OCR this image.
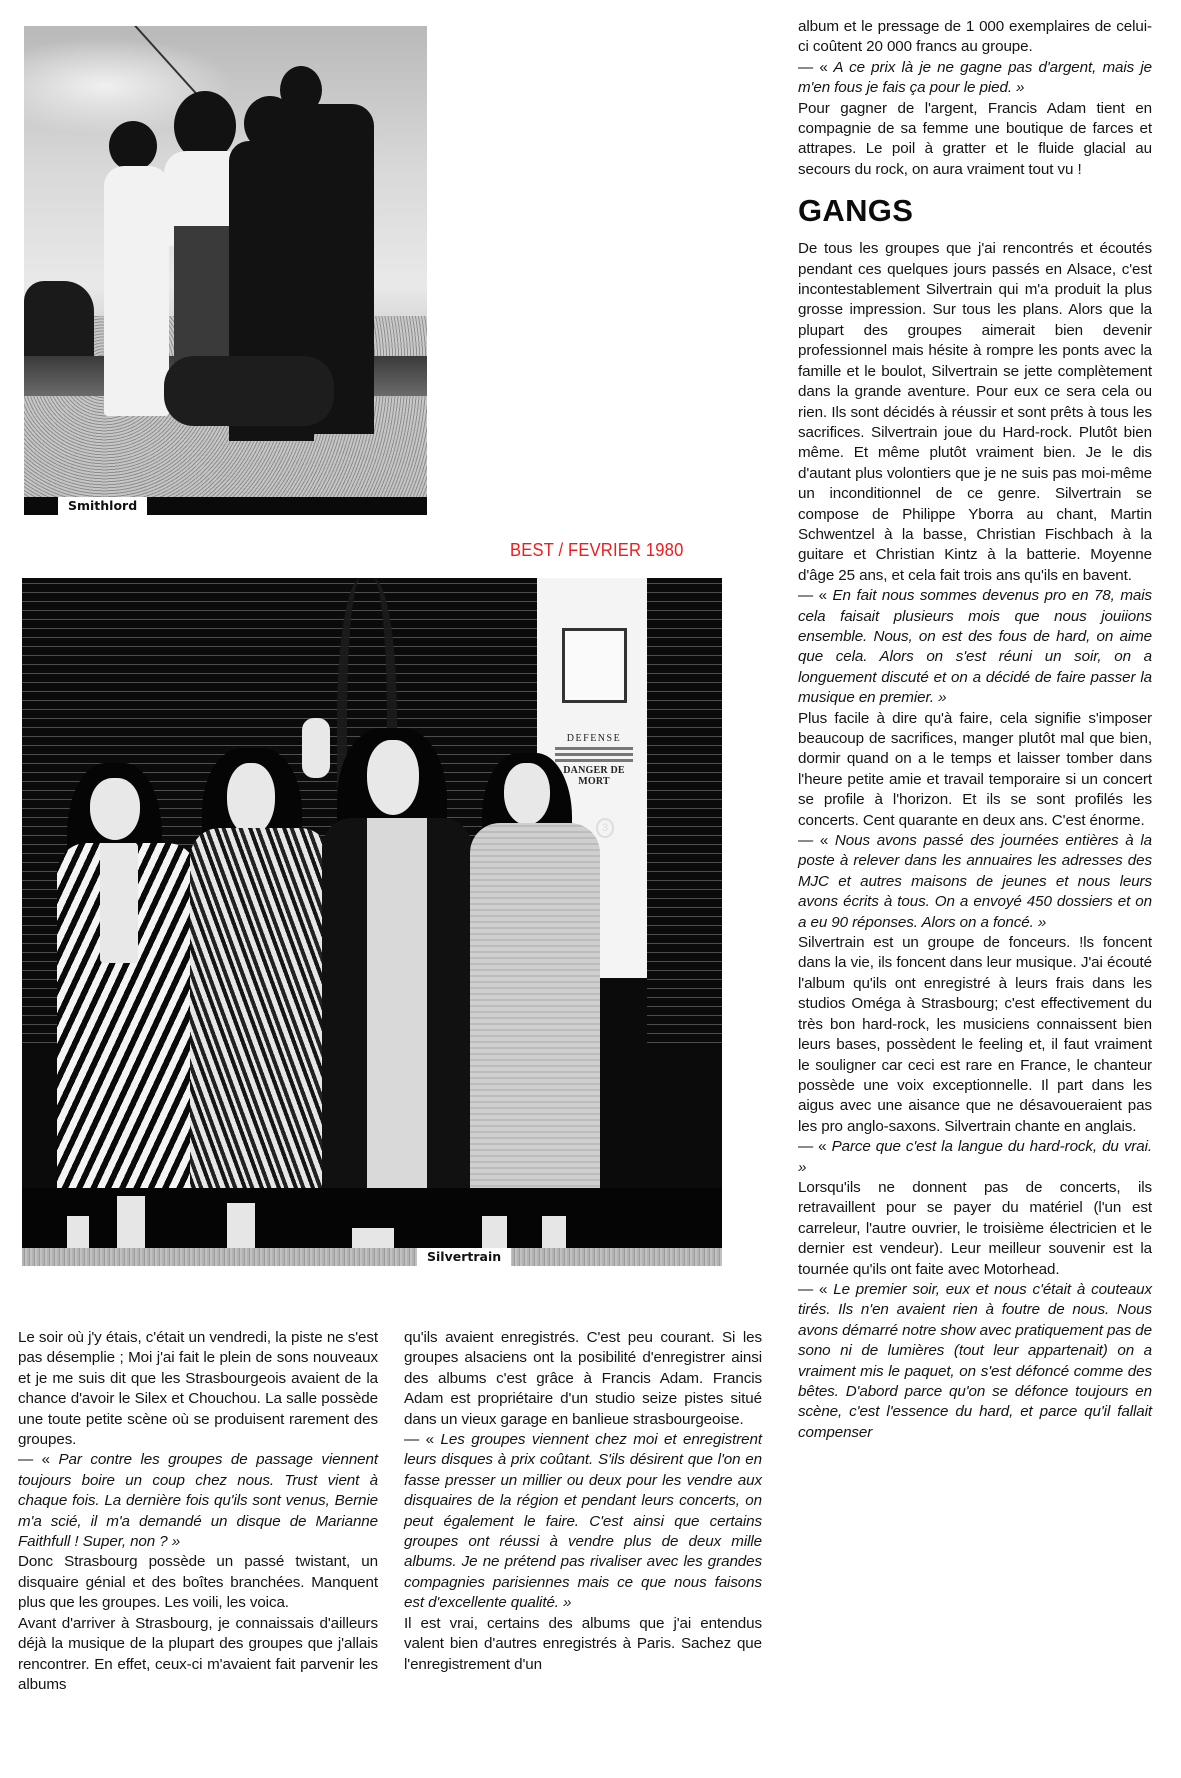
Smithlord
BEST / FEVRIER 1980
DEFENSE
DANGER DE MORT
3
Silvertrain

album et le pressage de 1 000 exemplaires de celui-ci coûtent 20 000 francs au groupe.

— « A ce prix là je ne gagne pas d'argent, mais je m'en fous je fais ça pour le pied. »

Pour gagner de l'argent, Francis Adam tient en compagnie de sa femme une boutique de farces et attrapes. Le poil à gratter et le fluide glacial au secours du rock, on aura vraiment tout vu !

GANGS

De tous les groupes que j'ai rencontrés et écoutés pendant ces quelques jours passés en Alsace, c'est incontestablement Silvertrain qui m'a produit la plus grosse impression. Sur tous les plans. Alors que la plupart des groupes aimerait bien devenir professionnel mais hésite à rompre les ponts avec la famille et le boulot, Silvertrain se jette complètement dans la grande aventure. Pour eux ce sera cela ou rien. Ils sont décidés à réussir et sont prêts à tous les sacrifices. Silvertrain joue du Hard-rock. Plutôt bien même. Et même plutôt vraiment bien. Je le dis d'autant plus volontiers que je ne suis pas moi-même un inconditionnel de ce genre. Silvertrain se compose de Philippe Yborra au chant, Martin Schwentzel à la basse, Christian Fischbach à la guitare et Christian Kintz à la batterie. Moyenne d'âge 25 ans, et cela fait trois ans qu'ils en bavent.

— « En fait nous sommes devenus pro en 78, mais cela faisait plusieurs mois que nous jouiions ensemble. Nous, on est des fous de hard, on aime que cela. Alors on s'est réuni un soir, on a longuement discuté et on a décidé de faire passer la musique en premier. »

Plus facile à dire qu'à faire, cela signifie s'imposer beaucoup de sacrifices, manger plutôt mal que bien, dormir quand on a le temps et laisser tomber dans l'heure petite amie et travail temporaire si un concert se profile à l'horizon. Et ils se sont profilés les concerts. Cent quarante en deux ans. C'est énorme.

— « Nous avons passé des journées entières à la poste à relever dans les annuaires les adresses des MJC et autres maisons de jeunes et nous leurs avons écrits à tous. On a envoyé 450 dossiers et on a eu 90 réponses. Alors on a foncé. »

Silvertrain est un groupe de fonceurs. !ls foncent dans la vie, ils foncent dans leur musique. J'ai écouté l'album qu'ils ont enregistré à leurs frais dans les studios Oméga à Strasbourg; c'est effectivement du très bon hard-rock, les musiciens connaissent bien leurs bases, possèdent le feeling et, il faut vraiment le souligner car ceci est rare en France, le chanteur possède une voix exceptionnelle. Il part dans les aigus avec une aisance que ne désavoueraient pas les pro anglo-saxons. Silvertrain chante en anglais.

— « Parce que c'est la langue du hard-rock, du vrai. »

Lorsqu'ils ne donnent pas de concerts, ils retravaillent pour se payer du matériel (l'un est carreleur, l'autre ouvrier, le troisième électricien et le dernier est vendeur). Leur meilleur souvenir est la tournée qu'ils ont faite avec Motorhead.

— « Le premier soir, eux et nous c'était à couteaux tirés. Ils n'en avaient rien à foutre de nous. Nous avons démarré notre show avec pratiquement pas de sono ni de lumières (tout leur appartenait) on a vraiment mis le paquet, on s'est défoncé comme des bêtes. D'abord parce qu'on se défonce toujours en scène, c'est l'essence du hard, et parce qu'il fallait compenser

Le soir où j'y étais, c'était un vendredi, la piste ne s'est pas désemplie ; Moi j'ai fait le plein de sons nouveaux et je me suis dit que les Strasbourgeois avaient de la chance d'avoir le Silex et Chouchou. La salle possède une toute petite scène où se produisent rarement des groupes.

— « Par contre les groupes de passage viennent toujours boire un coup chez nous. Trust vient à chaque fois. La dernière fois qu'ils sont venus, Bernie m'a scié, il m'a demandé un disque de Marianne Faithfull ! Super, non ? »

Donc Strasbourg possède un passé twistant, un disquaire génial et des boîtes branchées. Manquent plus que les groupes. Les voili, les voica.

Avant d'arriver à Strasbourg, je connaissais d'ailleurs déjà la musique de la plupart des groupes que j'allais rencontrer. En effet, ceux-ci m'avaient fait parvenir les albums

qu'ils avaient enregistrés. C'est peu courant. Si les groupes alsaciens ont la posibilité d'enregistrer ainsi des albums c'est grâce à Francis Adam. Francis Adam est propriétaire d'un studio seize pistes situé dans un vieux garage en banlieue strasbourgeoise.

— « Les groupes viennent chez moi et enregistrent leurs disques à prix coûtant. S'ils désirent que l'on en fasse presser un millier ou deux pour les vendre aux disquaires de la région et pendant leurs concerts, on peut également le faire. C'est ainsi que certains groupes ont réussi à vendre plus de deux mille albums. Je ne prétend pas rivaliser avec les grandes compagnies parisiennes mais ce que nous faisons est d'excellente qualité. »

Il est vrai, certains des albums que j'ai entendus valent bien d'autres enregistrés à Paris. Sachez que l'enregistrement d'un
